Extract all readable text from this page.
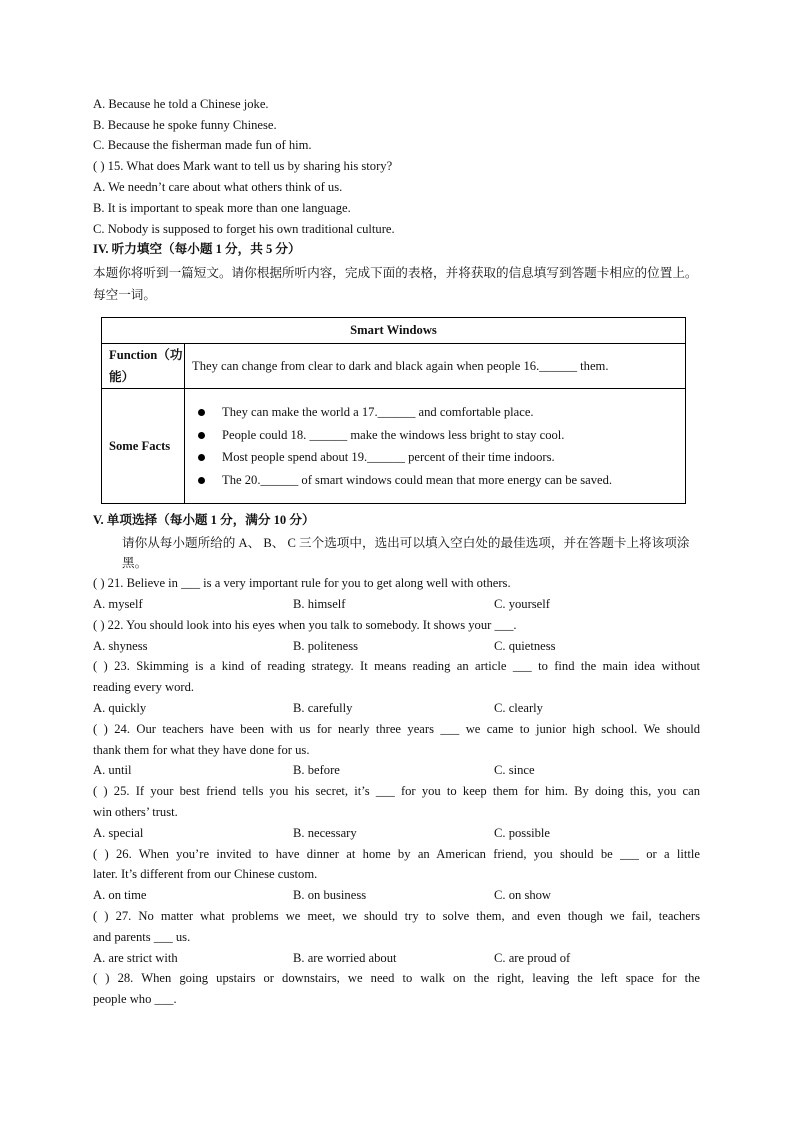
A. Because he told a Chinese joke.
B. Because he spoke funny Chinese.
C. Because the fisherman made fun of him.
( ) 15. What does Mark want to tell us by sharing his story?
A. We needn’t care about what others think of us.
B. It is important to speak more than one language.
C. Nobody is supposed to forget his own traditional culture.
IV. 听力填空（每小题 1 分，共 5 分）
本题你将听到一篇短文。请你根据所听内容，完成下面的表格，并将获取的信息填写到答题卡相应的位置上。每空一词。
Smart Windows	
Function（功能）	They can change from clear to dark and black again when people 16.______ them.
Some Facts	They can make the world a 17.______ and comfortable place.
People could 18. ______ make the windows less bright to stay cool.
Most people spend about 19.______ percent of their time indoors.
The 20.______ of smart windows could mean that more energy can be saved.
V. 单项选择（每小题 1 分，满分 10 分）
请你从每小题所给的 A、 B、 C 三个选项中，选出可以填入空白处的最佳选项，并在答题卡上将该项涂黑。
( ) 21. Believe in ___ is a very important rule for you to get along well with others.
A. myself	B. himself	C. yourself
( ) 22. You should look into his eyes when you talk to somebody. It shows your ___.
A. shyness	B. politeness	C. quietness
( ) 23. Skimming is a kind of reading strategy. It means reading an article ___ to find the main idea without
reading every word.
A. quickly	B. carefully	C. clearly
( ) 24. Our teachers have been with us for nearly three years ___ we came to junior high school. We should
thank them for what they have done for us.
A. until	B. before	C. since
( ) 25. If your best friend tells you his secret, it’s ___ for you to keep them for him. By doing this, you can
win others’ trust.
A. special	B. necessary	C. possible
( ) 26. When you’re invited to have dinner at home by an American friend, you should be ___ or a little
later. It’s different from our Chinese custom.
A. on time	B. on business	C. on show
( ) 27. No matter what problems we meet, we should try to solve them, and even though we fail, teachers
and parents ___ us.
A. are strict with	B. are worried about	C. are proud of
( ) 28. When going upstairs or downstairs, we need to walk on the right, leaving the left space for the
people who ___.
